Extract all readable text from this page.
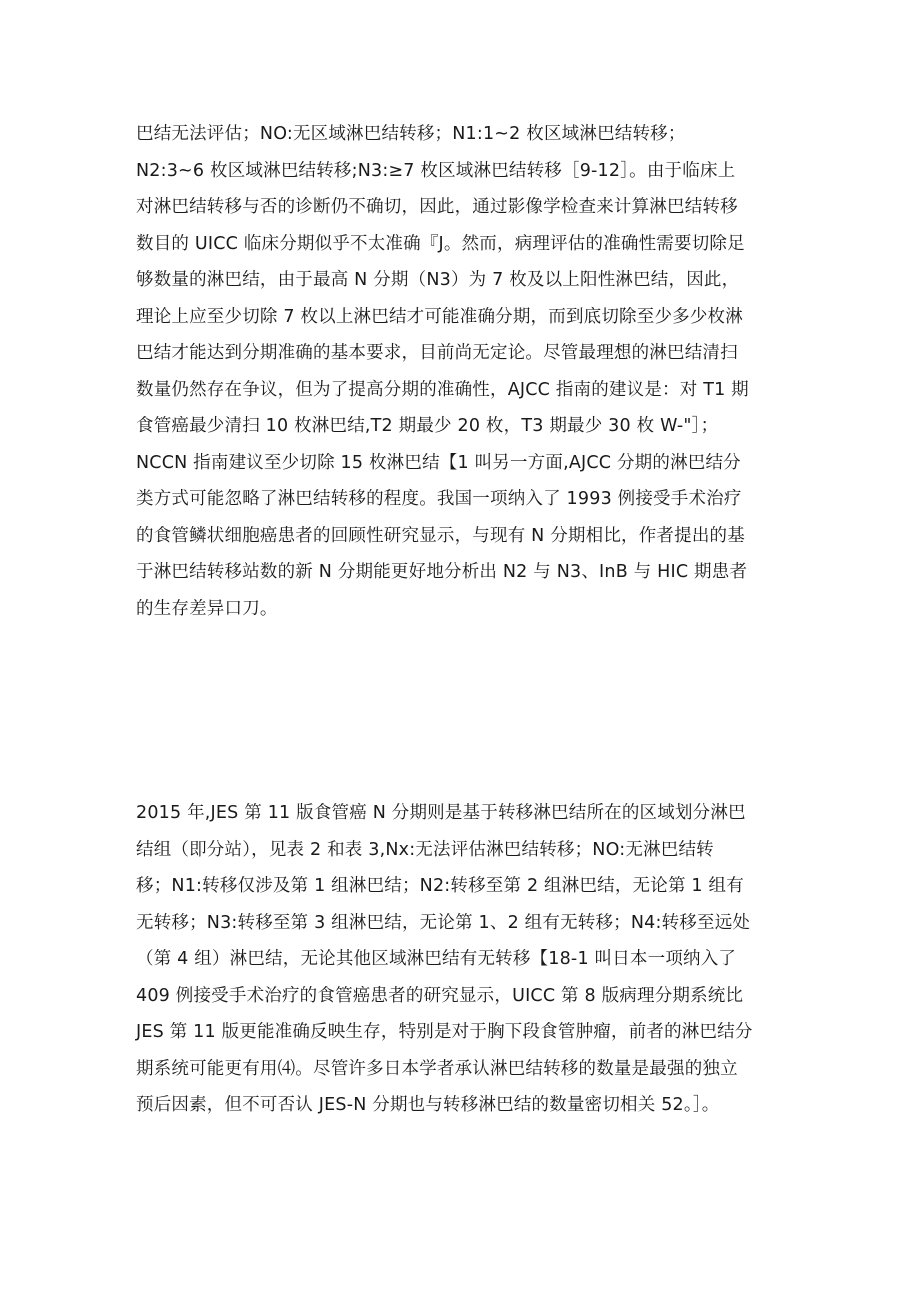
巴结无法评估；NO:无区域淋巴结转移；N1:1~2 枚区域淋巴结转移；
N2:3~6 枚区域淋巴结转移;N3:≥7 枚区域淋巴结转移［9-12］。由于临床上
对淋巴结转移与否的诊断仍不确切，因此，通过影像学检查来计算淋巴结转移
数目的 UICC 临床分期似乎不太准确『J。然而，病理评估的准确性需要切除足
够数量的淋巴结，由于最高 N 分期（N3）为 7 枚及以上阳性淋巴结，因此，
理论上应至少切除 7 枚以上淋巴结才可能准确分期，而到底切除至少多少枚淋
巴结才能达到分期准确的基本要求，目前尚无定论。尽管最理想的淋巴结清扫
数量仍然存在争议，但为了提高分期的准确性，AJCC 指南的建议是：对 T1 期
食管癌最少清扫 10 枚淋巴结,T2 期最少 20 枚，T3 期最少 30 枚 W-"］；
NCCN 指南建议至少切除 15 枚淋巴结【1 叫另一方面,AJCC 分期的淋巴结分
类方式可能忽略了淋巴结转移的程度。我国一项纳入了 1993 例接受手术治疗
的食管鳞状细胞癌患者的回顾性研究显示，与现有 N 分期相比，作者提出的基
于淋巴结转移站数的新 N 分期能更好地分析出 N2 与 N3、InB 与 HIC 期患者
的生存差异口刀。
2015 年,JES 第 11 版食管癌 N 分期则是基于转移淋巴结所在的区域划分淋巴
结组（即分站），见表 2 和表 3,Nx:无法评估淋巴结转移；NO:无淋巴结转
移；N1:转移仅涉及第 1 组淋巴结；N2:转移至第 2 组淋巴结，无论第 1 组有
无转移；N3:转移至第 3 组淋巴结，无论第 1、2 组有无转移；N4:转移至远处
（第 4 组）淋巴结，无论其他区域淋巴结有无转移【18-1 叫日本一项纳入了
409 例接受手术治疗的食管癌患者的研究显示，UICC 第 8 版病理分期系统比
JES 第 11 版更能准确反映生存，特别是对于胸下段食管肿瘤，前者的淋巴结分
期系统可能更有用⑷。尽管许多日本学者承认淋巴结转移的数量是最强的独立
预后因素，但不可否认 JES-N 分期也与转移淋巴结的数量密切相关 52。］。
